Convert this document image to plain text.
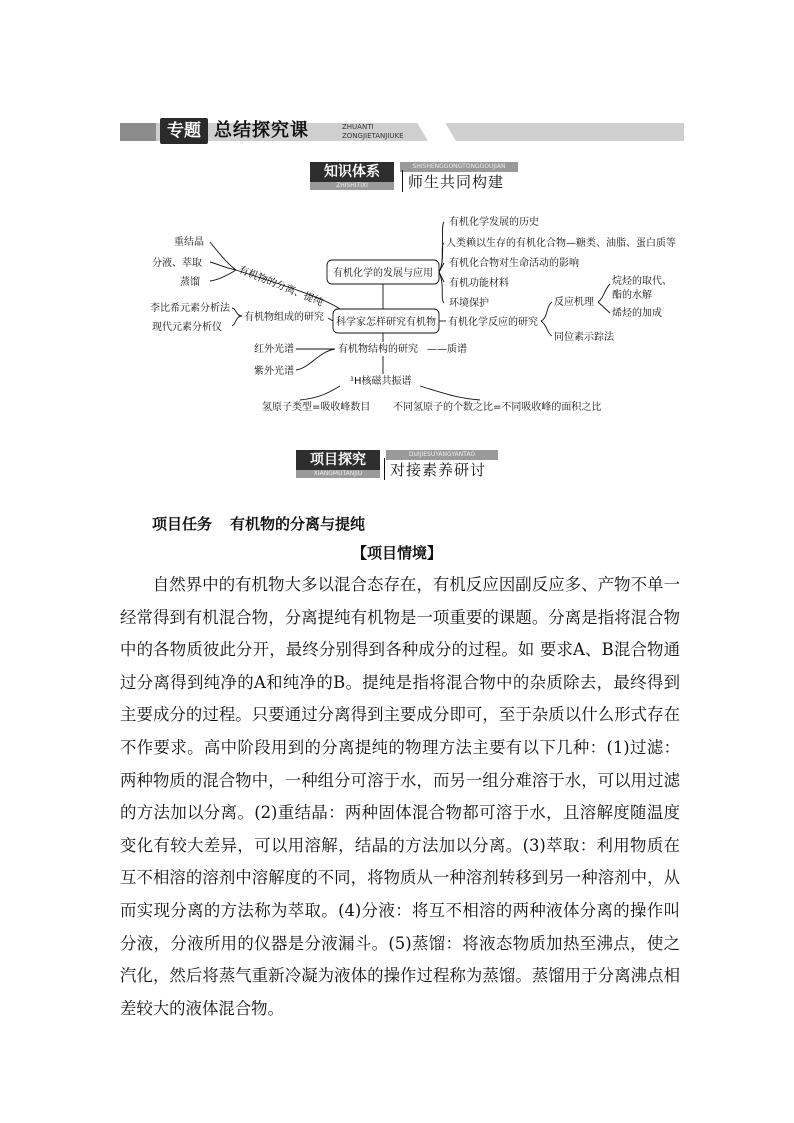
专题 总结探究课	ZHUANTI
ZONGJIETANJIUKE
知识体系
ZHISHITIXI
SHISHENGGONGTONGGOUJIAN
师生共同构建
科学家怎样研究有机物
有机化学的发展与应用
有机化学发展的历史
人类赖以生存的有机化合物—糖类、油脂、蛋白质等
有机化合物对生命活动的影响
有机功能材料
环境保护
有机化学反应的研究
反应机理
烷烃的取代、
酯的水解
烯烃的加成
同位素示踪法
有机物组成的研究
李比希元素分析法
现代元素分析仪
有机物的分离、提纯
重结晶
分液、萃取
蒸馏
有机物结构的研究 —— 质谱
红外光谱
紫外光谱
¹H核磁共振谱
氢原子类型=吸收峰数目 不同氢原子的个数之比=不同吸收峰的面积之比
项目探究
XIANGMUTANJIU
DUIJIESUYANGYANTAO
对接素养研讨
项目任务 有机物的分离与提纯
【项目情境】

自然界中的有机物大多以混合态存在，有机反应因副反应多、产物不单一经常得到有机混合物，分离提纯有机物是一项重要的课题。分离是指将混合物中的各物质彼此分开，最终分别得到各种成分的过程。如 要求A、B混合物通过分离得到纯净的A和纯净的B。提纯是指将混合物中的杂质除去，最终得到主要成分的过程。只要通过分离得到主要成分即可，至于杂质以什么形式存在不作要求。高中阶段用到的分离提纯的物理方法主要有以下几种：(1)过滤：两种物质的混合物中，一种组分可溶于水，而另一组分难溶于水，可以用过滤的方法加以分离。(2)重结晶：两种固体混合物都可溶于水，且溶解度随温度变化有较大差异，可以用溶解，结晶的方法加以分离。(3)萃取：利用物质在互不相溶的溶剂中溶解度的不同，将物质从一种溶剂转移到另一种溶剂中，从而实现分离的方法称为萃取。(4)分液：将互不相溶的两种液体分离的操作叫分液，分液所用的仪器是分液漏斗。(5)蒸馏：将液态物质加热至沸点，使之汽化，然后将蒸气重新冷凝为液体的操作过程称为蒸馏。蒸馏用于分离沸点相差较大的液体混合物。
